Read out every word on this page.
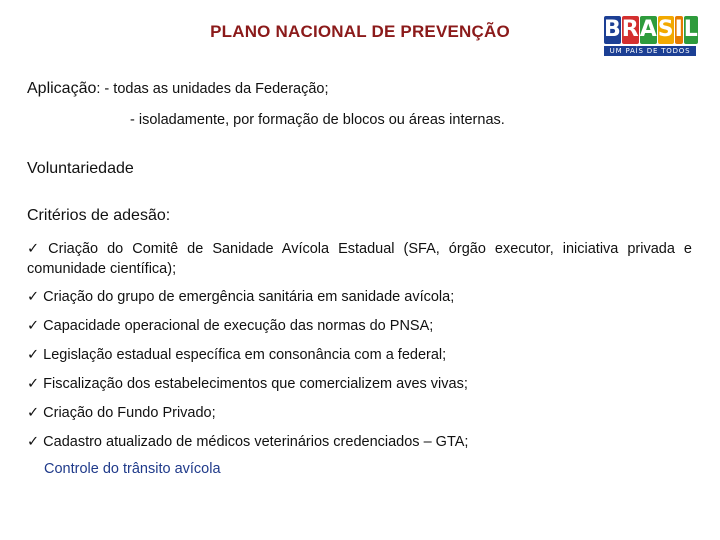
PLANO NACIONAL DE PREVENÇÃO	B R A S I L
UM PAÍS DE TODOS
Aplicação: - todas as unidades da Federação;
- isoladamente, por formação de blocos ou áreas internas.
Voluntariedade
Critérios de adesão:
✓ Criação do Comitê de Sanidade Avícola Estadual (SFA, órgão executor, iniciativa privada e comunidade científica);
✓ Criação do grupo de emergência sanitária em sanidade avícola;
✓ Capacidade operacional de execução das normas do PNSA;
✓ Legislação estadual específica em consonância com a federal;
✓ Fiscalização dos estabelecimentos que comercializem aves vivas;
✓ Criação do Fundo Privado;
✓ Cadastro atualizado de médicos veterinários credenciados – GTA;
Controle do trânsito avícola
